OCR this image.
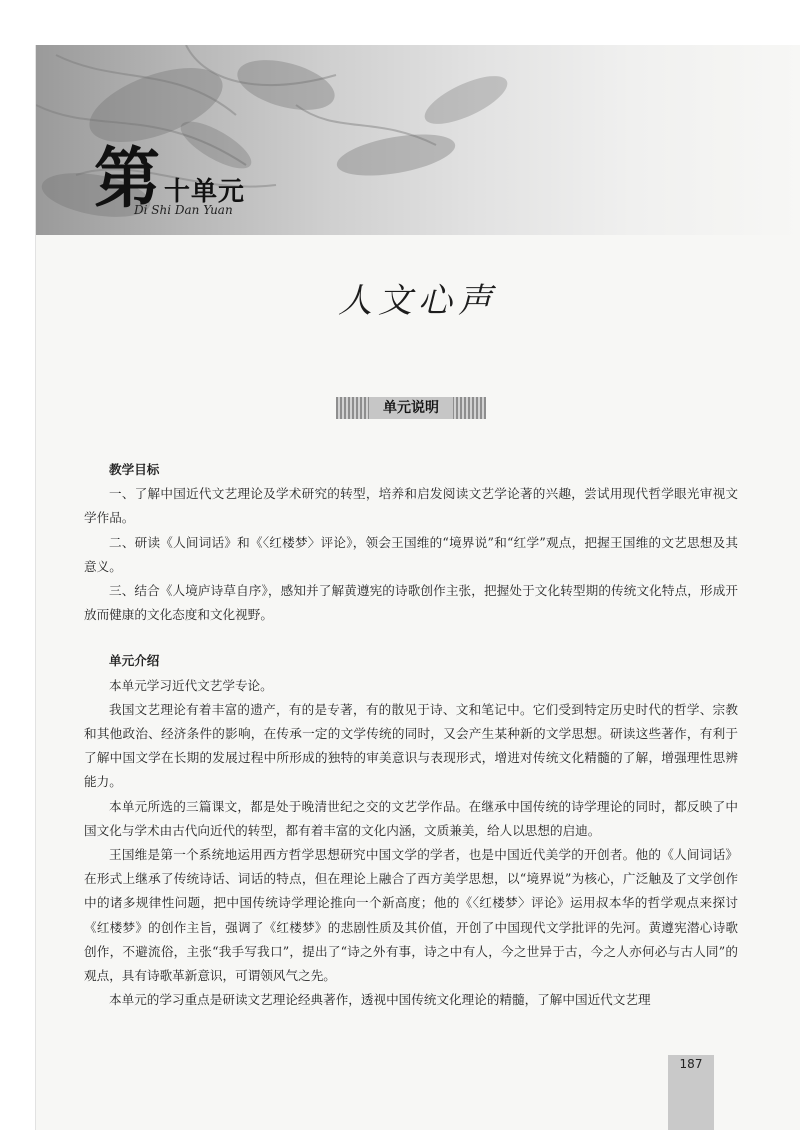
第 十单元
Di Shi Dan Yuan
人文心声
单元说明

教学目标

一、了解中国近代文艺理论及学术研究的转型，培养和启发阅读文艺学论著的兴趣，尝试用现代哲学眼光审视文学作品。

二、研读《人间词话》和《〈红楼梦〉评论》，领会王国维的“境界说”和“红学”观点，把握王国维的文艺思想及其意义。

三、结合《人境庐诗草自序》，感知并了解黄遵宪的诗歌创作主张，把握处于文化转型期的传统文化特点，形成开放而健康的文化态度和文化视野。

单元介绍

本单元学习近代文艺学专论。

我国文艺理论有着丰富的遗产，有的是专著，有的散见于诗、文和笔记中。它们受到特定历史时代的哲学、宗教和其他政治、经济条件的影响，在传承一定的文学传统的同时，又会产生某种新的文学思想。研读这些著作，有利于了解中国文学在长期的发展过程中所形成的独特的审美意识与表现形式，增进对传统文化精髓的了解，增强理性思辨能力。

本单元所选的三篇课文，都是处于晚清世纪之交的文艺学作品。在继承中国传统的诗学理论的同时，都反映了中国文化与学术由古代向近代的转型，都有着丰富的文化内涵，文质兼美，给人以思想的启迪。

王国维是第一个系统地运用西方哲学思想研究中国文学的学者，也是中国近代美学的开创者。他的《人间词话》在形式上继承了传统诗话、词话的特点，但在理论上融合了西方美学思想，以“境界说”为核心，广泛触及了文学创作中的诸多规律性问题，把中国传统诗学理论推向一个新高度；他的《〈红楼梦〉评论》运用叔本华的哲学观点来探讨《红楼梦》的创作主旨，强调了《红楼梦》的悲剧性质及其价值，开创了中国现代文学批评的先河。黄遵宪潜心诗歌创作，不避流俗，主张“我手写我口”，提出了“诗之外有事，诗之中有人，今之世异于古，今之人亦何必与古人同”的观点，具有诗歌革新意识，可谓领风气之先。

本单元的学习重点是研读文艺理论经典著作，透视中国传统文化理论的精髓，了解中国近代文艺理

187
